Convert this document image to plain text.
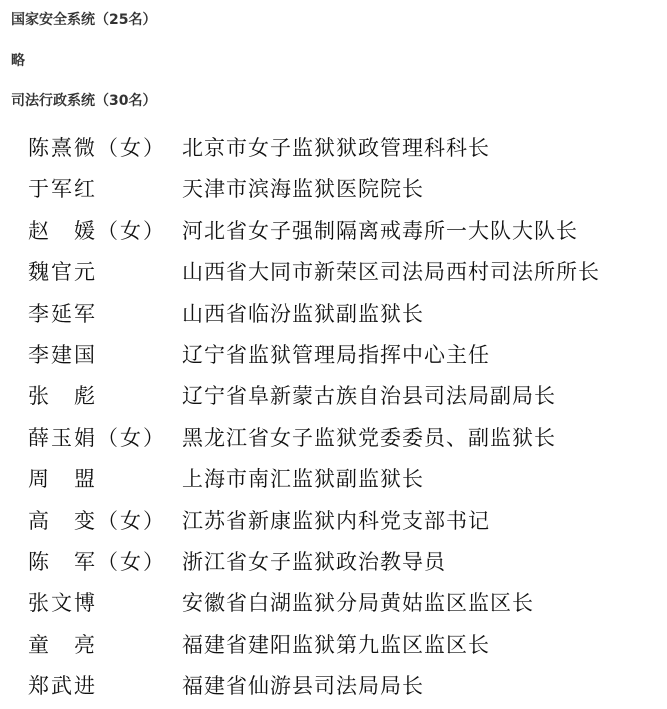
国家安全系统（25名）
略
司法行政系统（30名）
陈熹微（女） 北京市女子监狱狱政管理科科长
于军红	天津市滨海监狱医院院长
赵　媛（女） 河北省女子强制隔离戒毒所一大队大队长
魏官元	山西省大同市新荣区司法局西村司法所所长
李延军	山西省临汾监狱副监狱长
李建国	辽宁省监狱管理局指挥中心主任
张　彪	辽宁省阜新蒙古族自治县司法局副局长
薛玉娟（女） 黑龙江省女子监狱党委委员、副监狱长
周　盟	上海市南汇监狱副监狱长
高　变（女） 江苏省新康监狱内科党支部书记
陈　军（女） 浙江省女子监狱政治教导员
张文博	安徽省白湖监狱分局黄姑监区监区长
童　亮	福建省建阳监狱第九监区监区长
郑武进	福建省仙游县司法局局长
